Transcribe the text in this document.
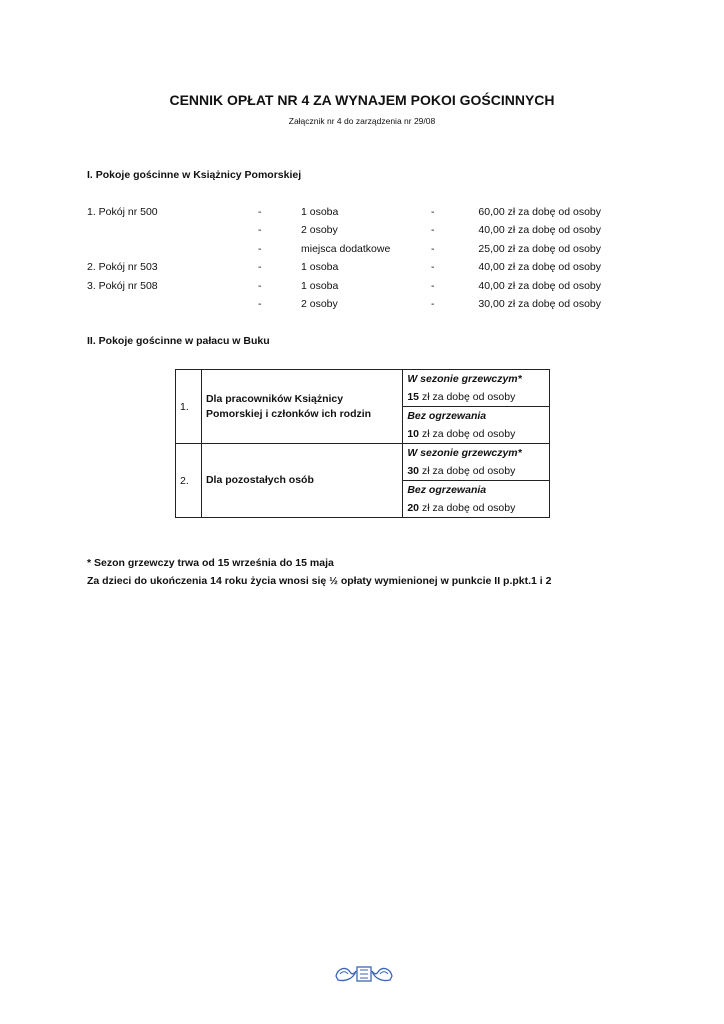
CENNIK OPŁAT NR 4 ZA WYNAJEM POKOI GOŚCINNYCH
Załącznik nr 4 do zarządzenia nr 29/08
I. Pokoje gościnne w Książnicy Pomorskiej
1. Pokój nr 500	-	1 osoba	-	60,00 zł za dobę od osoby
-	2 osoby	-	40,00 zł za dobę od osoby
-	miejsca dodatkowe	-	25,00 zł za dobę od osoby
2. Pokój nr 503	-	1 osoba	-	40,00 zł za dobę od osoby
3. Pokój nr 508	-	1 osoba	-	40,00 zł za dobę od osoby
-	2 osoby	-	30,00 zł za dobę od osoby
II. Pokoje gościnne w pałacu w Buku
1.	Dla pracowników Książnicy Pomorskiej i członków ich rodzin	W sezonie grzewczym*
15 zł za dobę od osoby

		Bez ogrzewania
10 zł za dobę od osoby
2.	Dla pozostałych osób	W sezonie grzewczym*
30 zł za dobę od osoby

		Bez ogrzewania
20 zł za dobę od osoby
* Sezon grzewczy trwa od 15 września do 15 maja
Za dzieci do ukończenia 14 roku życia wnosi się ½ opłaty wymienionej w punkcie II p.pkt.1 i 2
